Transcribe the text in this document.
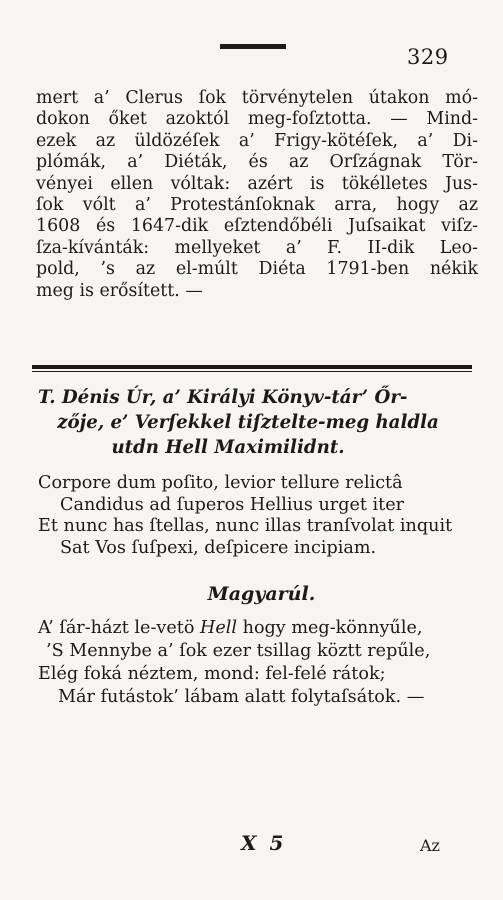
329
mert a’ Clerus ſok törvénytelen útakon mó-
dokon őket azoktól meg-foſztotta. — Mind-
ezek az üldözéſek a’ Frigy-kötéſek, a’ Di-
plómák, a’ Diéták, és az Orſzágnak Tör-
vényei ellen vóltak: azért is tökélletes Jus-
ſok vólt a’ Protestánſoknak arra, hogy az
1608 és 1647-dik eſztendőbéli Juſsaikat viſz-
ſza-kívánták: mellyeket a’ F. II-dik Leo-
pold, ’s az el-múlt Diéta 1791-ben nékik
meg is erősített. —
T. Dénis Úr, a’ Királyi Könyv-tár’ Őr-
zője, e’ Verſekkel tiſztelte-meg haldla
utdn Hell Maximilidnt.
Corpore dum poſito, levior tellure relictâ
Candidus ad ſuperos Hellius urget iter
Et nunc has ſtellas, nunc illas tranſvolat inquit
Sat Vos ſuſpexi, deſpicere incipiam.
Magyarúl.
A’ ſár-házt le-vetö Hell hogy meg-könnyűle,
’S Mennybe a’ ſok ezer tsillag köztt repűle,
Elég foká néztem, mond: fel-felé rátok;
Már futástok’ lábam alatt folytaſsátok. —
X 5	Az
